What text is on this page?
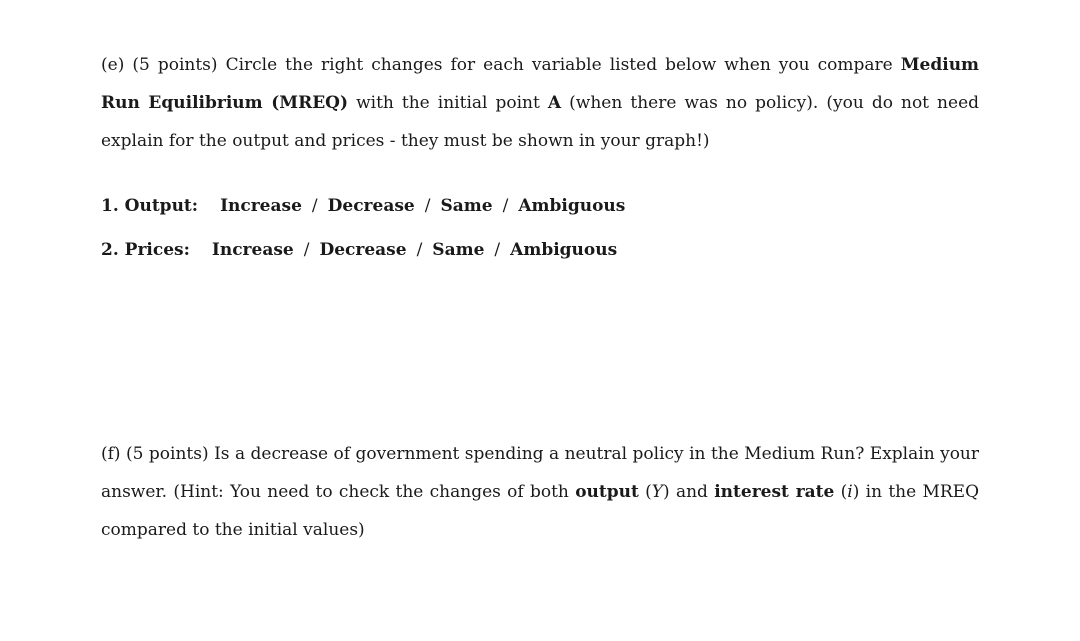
(e) (5 points) Circle the right changes for each variable listed below when you compare Medium Run Equilibrium (MREQ) with the initial point A (when there was no policy). (you do not need explain for the output and prices - they must be shown in your graph!)

1. Output: Increase / Decrease / Same / Ambiguous
2. Prices: Increase / Decrease / Same / Ambiguous

(f) (5 points) Is a decrease of government spending a neutral policy in the Medium Run? Explain your answer. (Hint: You need to check the changes of both output (Y) and interest rate (i) in the MREQ compared to the initial values)
